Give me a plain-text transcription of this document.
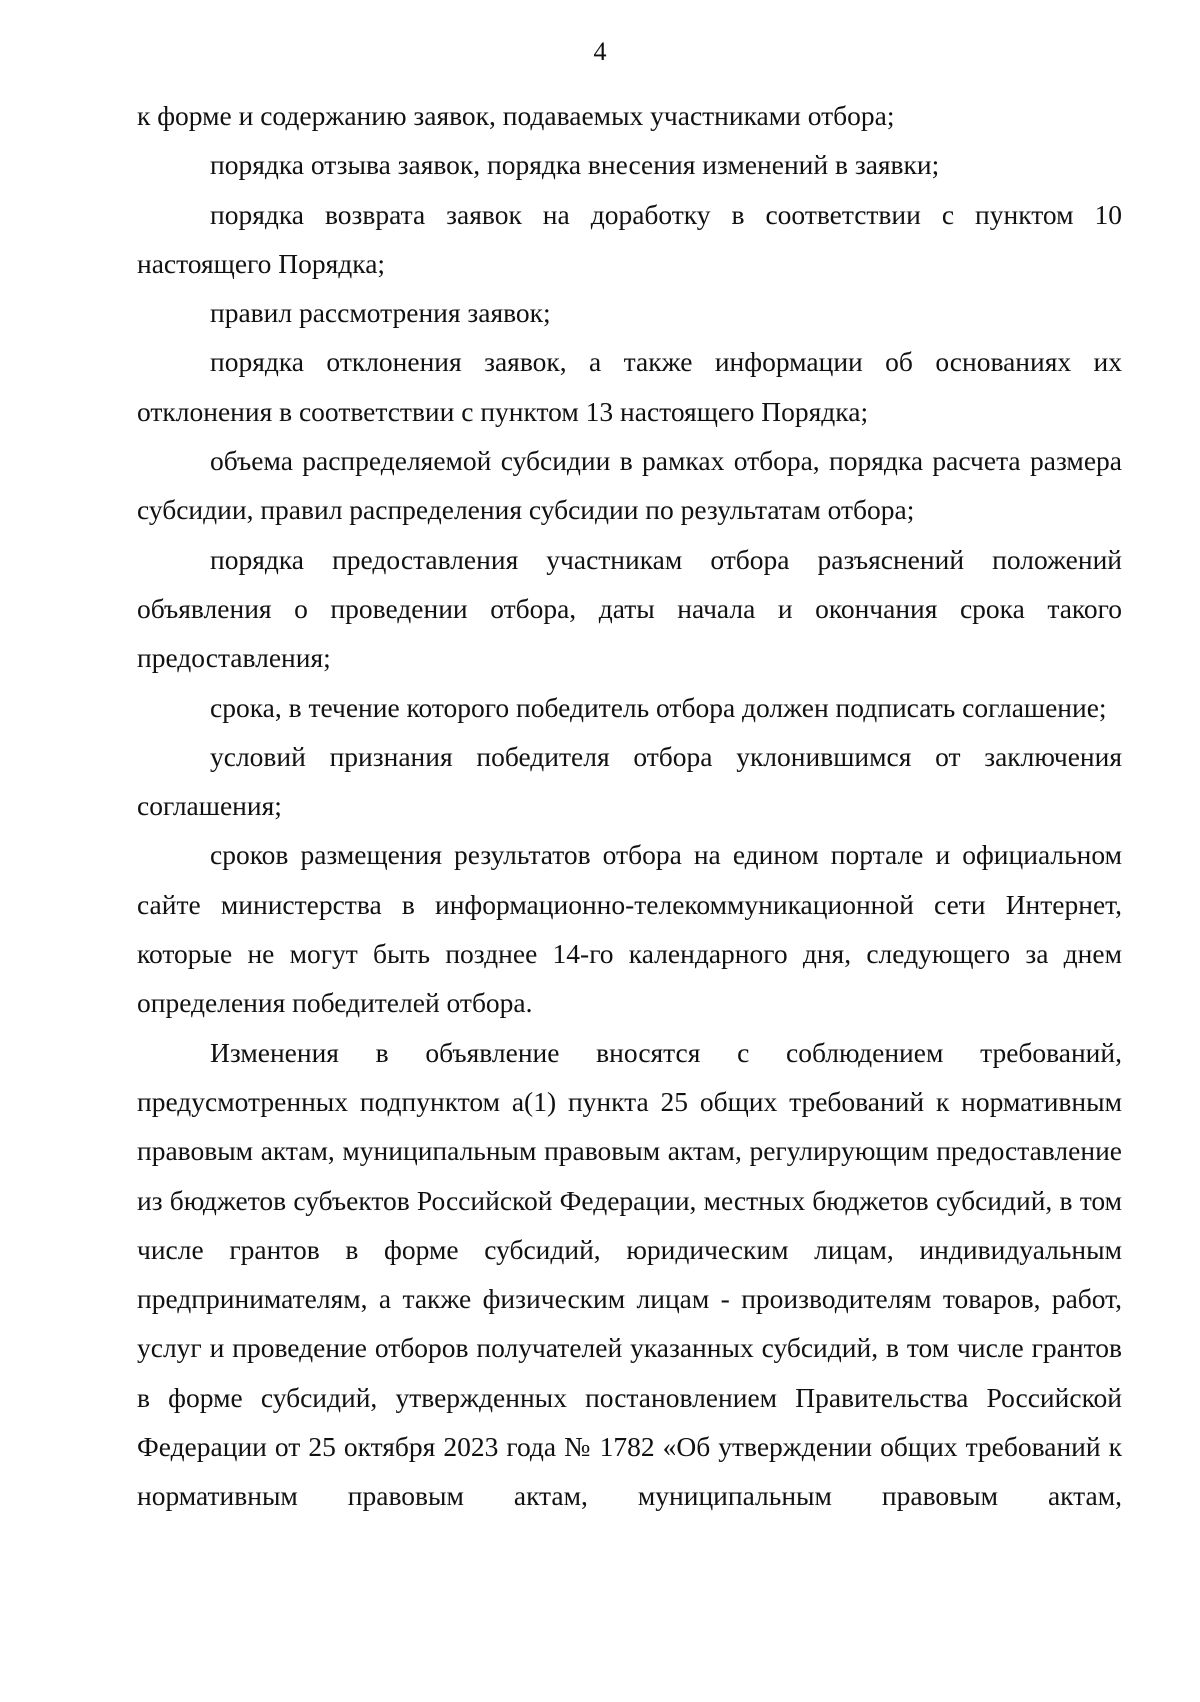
4

к форме и содержанию заявок, подаваемых участниками отбора;

порядка отзыва заявок, порядка внесения изменений в заявки;

порядка возврата заявок на доработку в соответствии с пунктом 10 настоящего Порядка;

правил рассмотрения заявок;

порядка отклонения заявок, а также информации об основаниях их отклонения в соответствии с пунктом 13 настоящего Порядка;

объема распределяемой субсидии в рамках отбора, порядка расчета размера субсидии, правил распределения субсидии по результатам отбора;

порядка предоставления участникам отбора разъяснений положений объявления о проведении отбора, даты начала и окончания срока такого предоставления;

срока, в течение которого победитель отбора должен подписать соглашение;

условий признания победителя отбора уклонившимся от заключения соглашения;

сроков размещения результатов отбора на едином портале и официальном сайте министерства в информационно-телекоммуникационной сети Интернет, которые не могут быть позднее 14-го календарного дня, следующего за днем определения победителей отбора.

Изменения в объявление вносятся с соблюдением требований, предусмотренных подпунктом а(1) пункта 25 общих требований к нормативным правовым актам, муниципальным правовым актам, регулирующим предоставление из бюджетов субъектов Российской Федерации, местных бюджетов субсидий, в том числе грантов в форме субсидий, юридическим лицам, индивидуальным предпринимателям, а также физическим лицам - производителям товаров, работ, услуг и проведение отборов получателей указанных субсидий, в том числе грантов в форме субсидий, утвержденных постановлением Правительства Российской Федерации от 25 октября 2023 года № 1782 «Об утверждении общих требований к нормативным правовым актам, муниципальным правовым актам,
